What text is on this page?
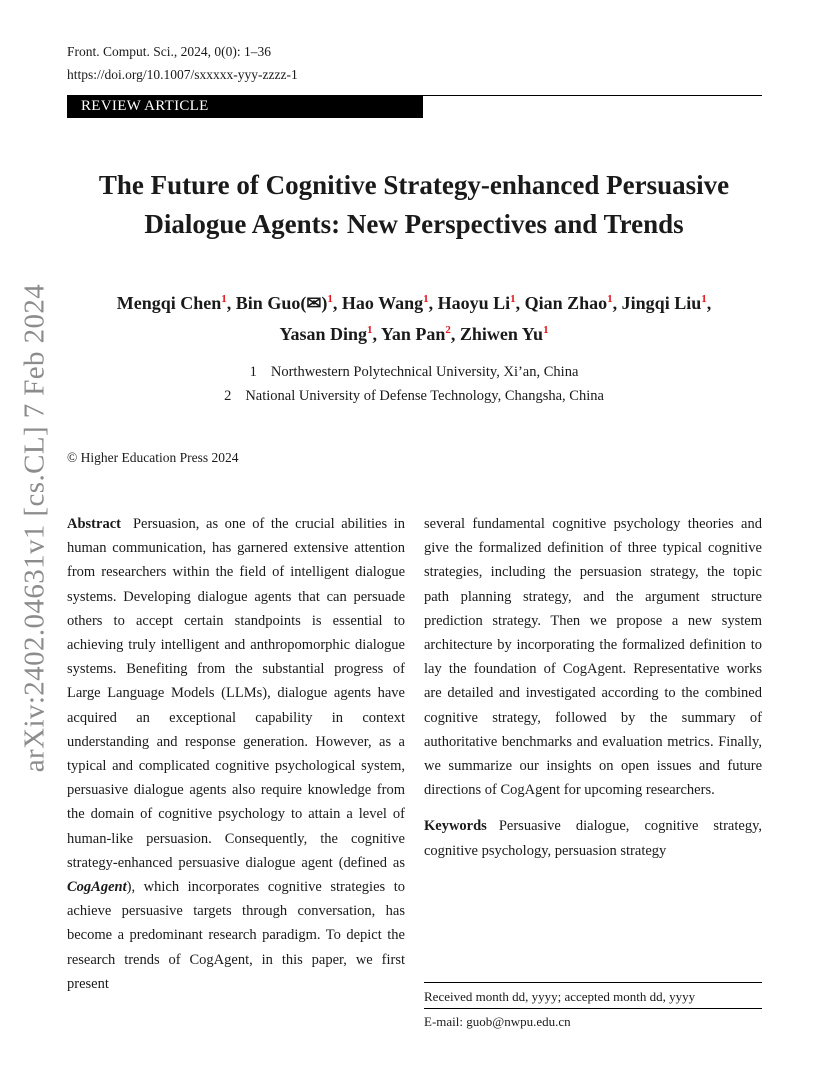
Front. Comput. Sci., 2024, 0(0): 1–36
https://doi.org/10.1007/sxxxxx-yyy-zzzz-1
REVIEW ARTICLE
The Future of Cognitive Strategy-enhanced Persuasive
Dialogue Agents: New Perspectives and Trends
Mengqi Chen$^1$, Bin Guo(✉)$^1$, Hao Wang$^1$, Haoyu Li$^1$, Qian Zhao$^1$, Jingqi Liu$^1$,
Yasan Ding$^1$, Yan Pan$^2$, Zhiwen Yu$^1$
1 Northwestern Polytechnical University, Xi’an, China
2 National University of Defense Technology, Changsha, China
© Higher Education Press 2024
arXiv:2402.04631v1 [cs.CL] 7 Feb 2024 Abstract Persuasion, as one of the crucial abilities in human communication, has garnered extensive attention from researchers within the field of intelligent dialogue systems. Developing dialogue agents that can persuade others to accept certain standpoints is essential to achieving truly intelligent and anthropomorphic dialogue systems. Benefiting from the substantial progress of Large Language Models (LLMs), dialogue agents have acquired an exceptional capability in context understanding and response generation. However, as a typical and complicated cognitive psychological system, persuasive dialogue agents also require knowledge from the domain of cognitive psychology to attain a level of human-like persuasion. Consequently, the cognitive strategy-enhanced persuasive dialogue agent (defined as CogAgent), which incorporates cognitive strategies to achieve persuasive targets through conversation, has become a predominant research paradigm. To depict the research trends of CogAgent, in this paper, we first present

several fundamental cognitive psychology theories and give the formalized definition of three typical cognitive strategies, including the persuasion strategy, the topic path planning strategy, and the argument structure prediction strategy. Then we propose a new system architecture by incorporating the formalized definition to lay the foundation of CogAgent. Representative works are detailed and investigated according to the combined cognitive strategy, followed by the summary of authoritative benchmarks and evaluation metrics. Finally, we summarize our insights on open issues and future directions of CogAgent for upcoming researchers.

Keywords Persuasive dialogue, cognitive strategy, cognitive psychology, persuasion strategy

Received month dd, yyyy; accepted month dd, yyyy
E-mail: guob@nwpu.edu.cn
